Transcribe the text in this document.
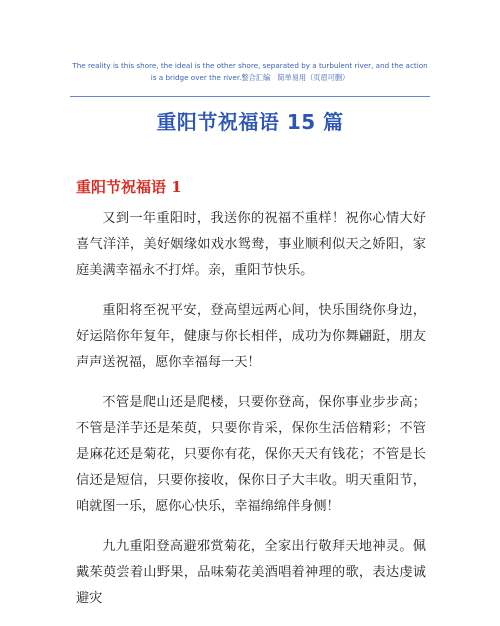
The reality is this shore, the ideal is the other shore, separated by a turbulent river, and the action is a bridge over the river.整合汇编　简单易用（页眉可删）
重阳节祝福语 15 篇
重阳节祝福语 1

又到一年重阳时，我送你的祝福不重样！祝你心情大好喜气洋洋，美好姻缘如戏水鸳鸯，事业顺利似天之娇阳，家庭美满幸福永不打烊。亲，重阳节快乐。

重阳将至祝平安，登高望远两心间，快乐围绕你身边，好运陪你年复年，健康与你长相伴，成功为你舞翩跹，朋友声声送祝福，愿你幸福每一天！

不管是爬山还是爬楼，只要你登高，保你事业步步高；不管是洋芋还是茱萸，只要你肯采，保你生活倍精彩；不管是麻花还是菊花，只要你有花，保你天天有钱花；不管是长信还是短信，只要你接收，保你日子大丰收。明天重阳节，咱就图一乐，愿你心快乐，幸福绵绵伴身侧！

九九重阳登高避邪赏菊花，全家出行敬拜天地神灵。佩戴茱萸尝着山野果，品味菊花美酒唱着神理的歌，表达虔诚避灾
